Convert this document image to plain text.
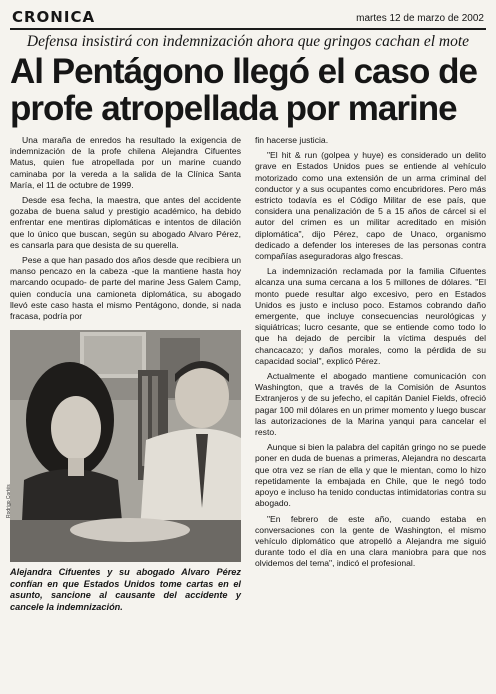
CRONICA	martes 12 de marzo de 2002
Defensa insistirá con indemnización ahora que gringos cachan el mote
Al Pentágono llegó el caso de
profe atropellada por marine

Una maraña de enredos ha resultado la exigencia de indemnización de la profe chilena Alejandra Cifuentes Matus, quien fue atropellada por un marine cuando caminaba por la vereda a la salida de la Clínica Santa María, el 11 de octubre de 1999.

Desde esa fecha, la maestra, que antes del accidente gozaba de buena salud y prestigio académico, ha debido enfrentar ene mentiras diplomáticas e intentos de dilación que lo único que buscan, según su abogado Alvaro Pérez, es cansarla para que desista de su querella.

Pese a que han pasado dos años desde que recibiera un manso pencazo en la cabeza -que la mantiene hasta hoy marcando ocupado- de parte del marine Jess Galem Camp, quien conducía una camioneta diplomática, su abogado llevó este caso hasta el mismo Pentágono, donde, si nada fracasa, podría por

Rodrigo Cortés
Alejandra Cifuentes y su abogado Alvaro Pérez confían en que Estados Unidos tome cartas en el asunto, sancione al causante del accidente y cancele la indemnización.

fin hacerse justicia.

"El hit & run (golpea y huye) es considerado un delito grave en Estados Unidos pues se entiende al vehículo motorizado como una extensión de un arma criminal del conductor y a sus ocupantes como encubridores. Pero más estricto todavía es el Código Militar de ese país, que considera una penalización de 5 a 15 años de cárcel si el autor del crimen es un militar acreditado en misión diplomática", dijo Pérez, capo de Unaco, organismo dedicado a defender los intereses de las personas contra compañías aseguradoras algo frescas.

La indemnización reclamada por la familia Cifuentes alcanza una suma cercana a los 5 millones de dólares. "El monto puede resultar algo excesivo, pero en Estados Unidos es justo e incluso poco. Estamos cobrando daño emergente, que incluye consecuencias neurológicas y siquiátricas; lucro cesante, que se entiende como todo lo que ha dejado de percibir la víctima después del chancacazo; y daños morales, como la pérdida de su capacidad social", explicó Pérez.

Actualmente el abogado mantiene comunicación con Washington, que a través de la Comisión de Asuntos Extranjeros y de su jefecho, el capitán Daniel Fields, ofreció pagar 100 mil dólares en un primer momento y luego buscar las autorizaciones de la Marina yanqui para cancelar el resto.

Aunque si bien la palabra del capitán gringo no se puede poner en duda de buenas a primeras, Alejandra no descarta que otra vez se rían de ella y que le mientan, como lo hizo repetidamente la embajada en Chile, que le negó todo apoyo e incluso ha tenido conductas intimidatorias contra su abogado.

"En febrero de este año, cuando estaba en conversaciones con la gente de Washington, el mismo vehículo diplomático que atropelló a Alejandra me siguió durante todo el día en una clara maniobra para que nos olvidemos del tema", indicó el profesional.
